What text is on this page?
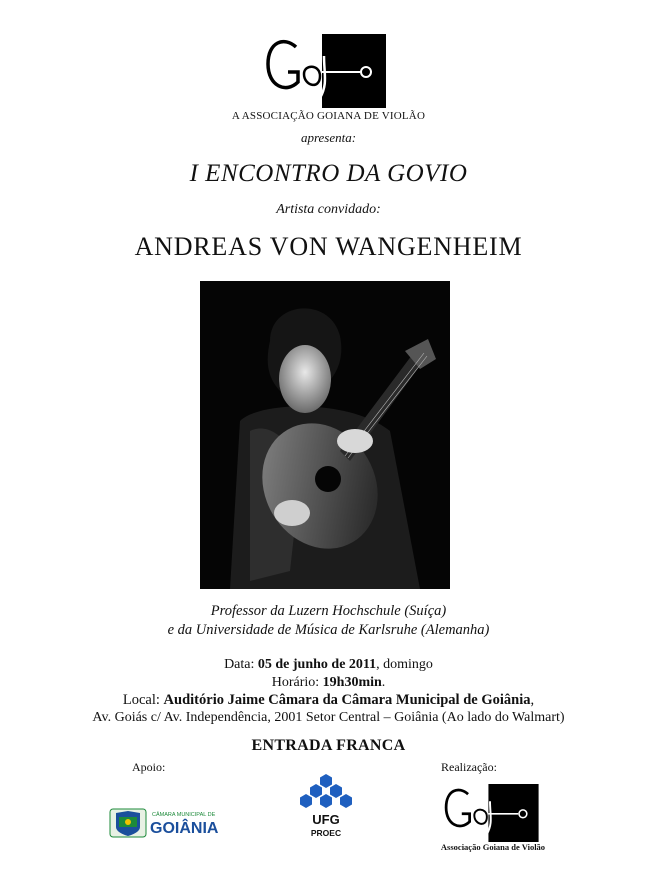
A ASSOCIAÇÃO GOIANA DE VIOLÃO
apresenta:
I ENCONTRO DA GOVIO
Artista convidado:
ANDREAS VON WANGENHEIM
Professor da Luzern Hochschule (Suíça)
e da Universidade de Música de Karlsruhe (Alemanha)
Data: 05 de junho de 2011, domingo
Horário: 19h30min.
Local: Auditório Jaime Câmara da Câmara Municipal de Goiânia,
Av. Goiás c/ Av. Independência, 2001 Setor Central – Goiânia (Ao lado do Walmart)
ENTRADA FRANCA
Apoio:	Realização:
CÂMARA MUNICIPAL DE
GOIÂNIA
UFG
PROEC
Associação Goiana de Violão
